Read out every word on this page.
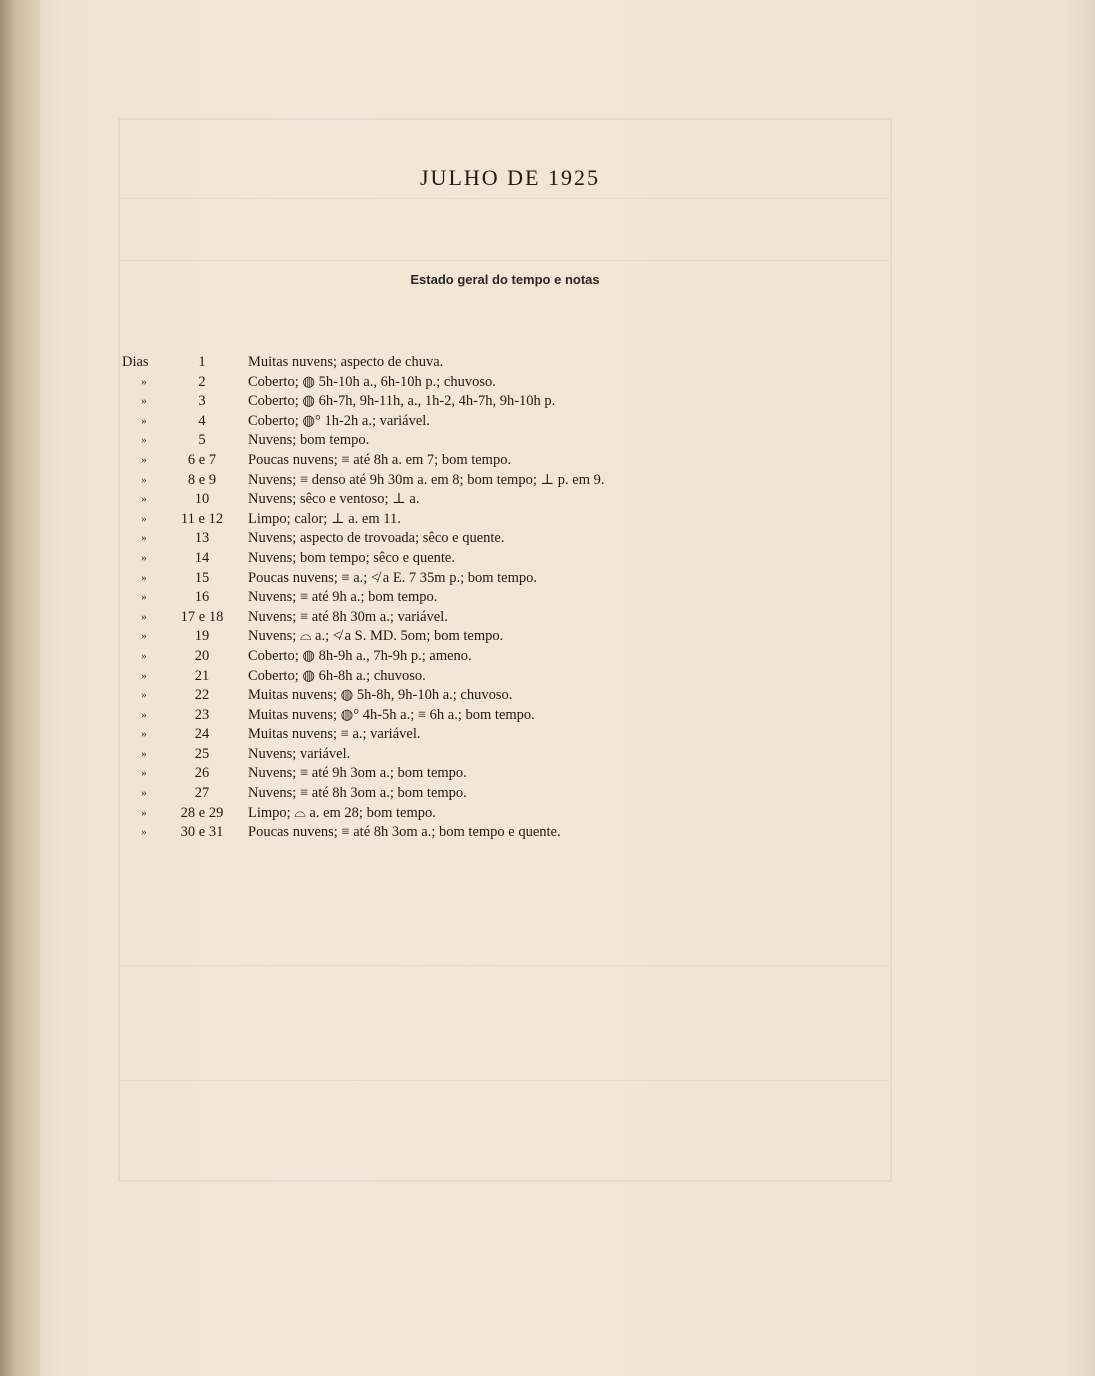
JULHO DE 1925
Estado geral do tempo e notas
Dias	1	Muitas nuvens; aspecto de chuva.
»	2	Coberto; ◍ 5h-10h a., 6h-10h p.; chuvoso.
»	3	Coberto; ◍ 6h-7h, 9h-11h, a., 1h-2, 4h-7h, 9h-10h p.
»	4	Coberto; ◍° 1h-2h a.; variável.
»	5	Nuvens; bom tempo.
»	6 e 7	Poucas nuvens; ≡ até 8h a. em 7; bom tempo.
»	8 e 9	Nuvens; ≡ denso até 9h 30m a. em 8; bom tempo; ⊥ p. em 9.
»	10	Nuvens; sêco e ventoso; ⊥ a.
»	11 e 12	Limpo; calor; ⊥ a. em 11.
»	13	Nuvens; aspecto de trovoada; sêco e quente.
»	14	Nuvens; bom tempo; sêco e quente.
»	15	Poucas nuvens; ≡ a.; ≮ a E. 7 35m p.; bom tempo.
»	16	Nuvens; ≡ até 9h a.; bom tempo.
»	17 e 18	Nuvens; ≡ até 8h 30m a.; variável.
»	19	Nuvens; ⌓ a.; ≮ a S. MD. 5om; bom tempo.
»	20	Coberto; ◍ 8h-9h a., 7h-9h p.; ameno.
»	21	Coberto; ◍ 6h-8h a.; chuvoso.
»	22	Muitas nuvens; ◍ 5h-8h, 9h-10h a.; chuvoso.
»	23	Muitas nuvens; ◍° 4h-5h a.; ≡ 6h a.; bom tempo.
»	24	Muitas nuvens; ≡ a.; variável.
»	25	Nuvens; variável.
»	26	Nuvens; ≡ até 9h 3om a.; bom tempo.
»	27	Nuvens; ≡ até 8h 3om a.; bom tempo.
»	28 e 29	Limpo; ⌓ a. em 28; bom tempo.
»	30 e 31	Poucas nuvens; ≡ até 8h 3om a.; bom tempo e quente.
